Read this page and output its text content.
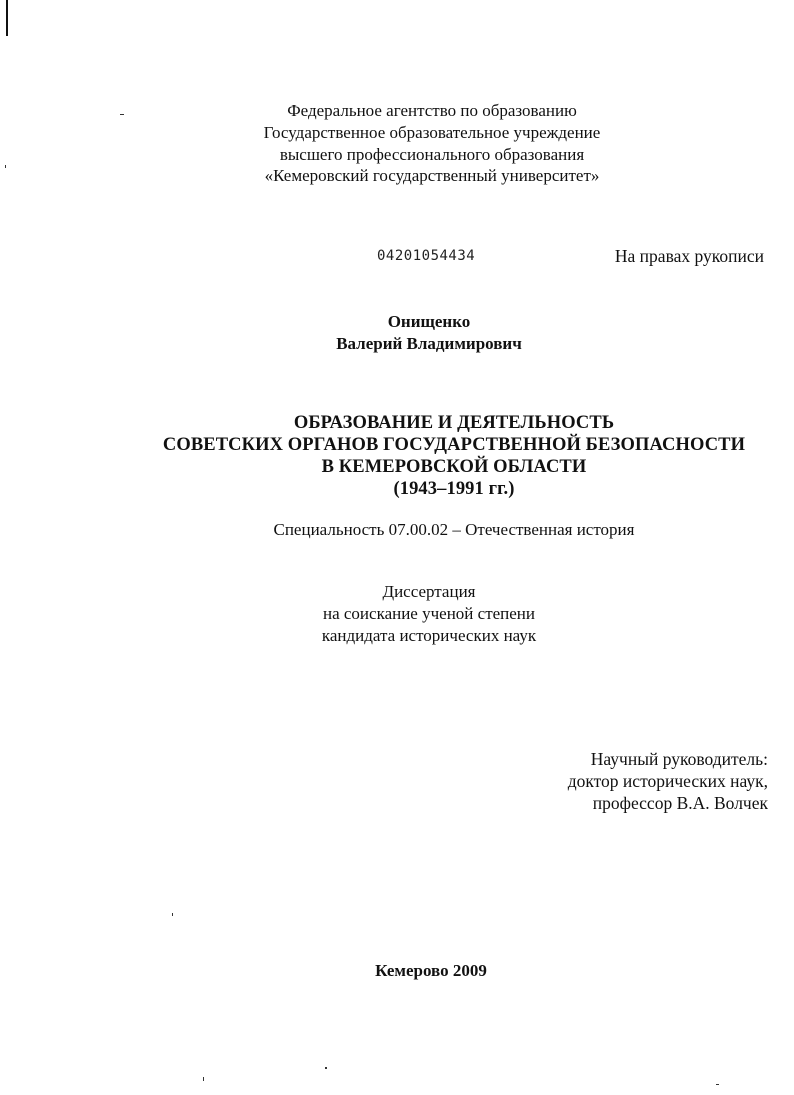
Федеральное агентство по образованию
Государственное образовательное учреждение
высшего профессионального образования
«Кемеровский государственный университет»
04201054434	На правах рукописи
Онищенко
Валерий Владимирович
ОБРАЗОВАНИЕ И ДЕЯТЕЛЬНОСТЬ
СОВЕТСКИХ ОРГАНОВ ГОСУДАРСТВЕННОЙ БЕЗОПАСНОСТИ
В КЕМЕРОВСКОЙ ОБЛАСТИ
(1943–1991 гг.)
Специальность 07.00.02 – Отечественная история
Диссертация
на соискание ученой степени
кандидата исторических наук
Научный руководитель:
доктор исторических наук,
профессор В.А. Волчек
Кемерово 2009
